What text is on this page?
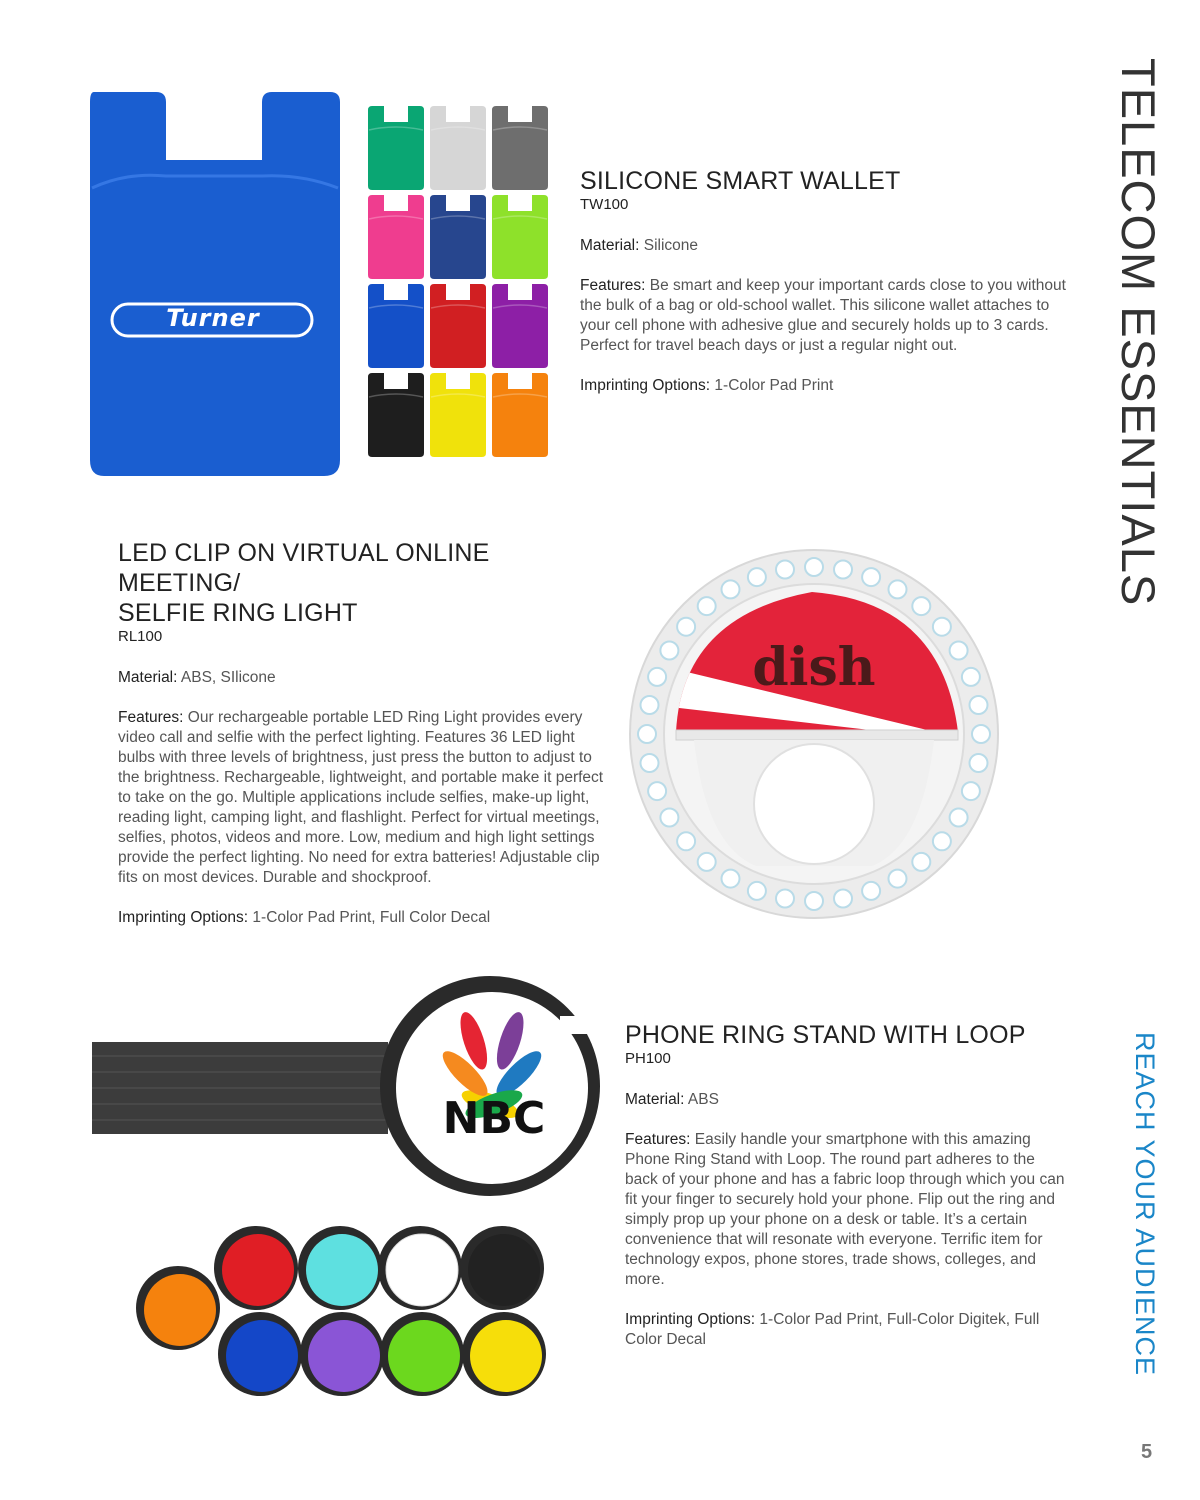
TELECOM ESSENTIALS
REACH YOUR AUDIENCE
5
Turner
SILICONE SMART WALLET
TW100
Material: Silicone
Features: Be smart and keep your important cards close to you without the bulk of a bag or old-school wallet. This silicone wallet attaches to your cell phone with adhesive glue and securely holds up to 3 cards. Perfect for travel beach days or just a regular night out.
Imprinting Options: 1-Color Pad Print
LED CLIP ON VIRTUAL ONLINE MEETING/
SELFIE RING LIGHT
RL100
Material: ABS, SIlicone
Features: Our rechargeable portable LED Ring Light provides every video call and selfie with the perfect lighting. Features 36 LED light bulbs with three levels of brightness, just press the button to adjust to the brightness. Rechargeable, lightweight, and portable make it perfect to take on the go. Multiple applications include selfies, make-up light, reading light, camping light, and flashlight. Perfect for virtual meetings, selfies, photos, videos and more. Low, medium and high light settings provide the perfect lighting. No need for extra batteries! Adjustable clip fits on most devices. Durable and shockproof.
Imprinting Options: 1-Color Pad Print, Full Color Decal
dish
NBC
PHONE RING STAND WITH LOOP
PH100
Material: ABS
Features: Easily handle your smartphone with this amazing Phone Ring Stand with Loop. The round part adheres to the back of your phone and has a fabric loop through which you can fit your finger to securely hold your phone. Flip out the ring and simply prop up your phone on a desk or table. It’s a certain convenience that will resonate with everyone. Terrific item for technology expos, phone stores, trade shows, colleges, and more.
Imprinting Options: 1-Color Pad Print, Full-Color Digitek, Full Color Decal
